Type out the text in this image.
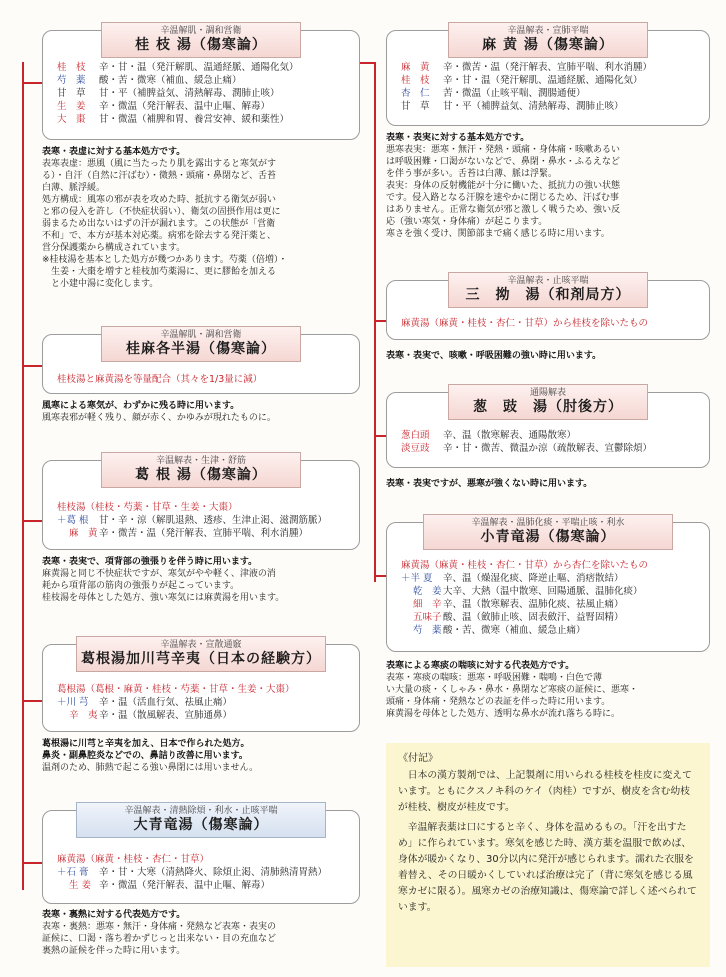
辛温解肌・調和営衛
桂 枝 湯（傷寒論）
桂　枝 辛・甘・温（発汗解肌、温通経脈、通陽化気）
芍　薬 酸・苦・微寒（補血、緩急止痛）
甘　草 甘・平（補脾益気、清熱解毒、潤肺止咳）
生　姜 辛・微温（発汗解表、温中止嘔、解毒）
大　棗 甘・微温（補脾和胃、養営安神、緩和薬性）

表寒・表虚に対する基本処方です。

表寒表虚：悪風（風に当たったり肌を露出すると寒気がす

る）・自汗（自然に汗ばむ）・微熱・頭痛・鼻閉など、舌苔

白薄、脈浮緩。

処方構成：風寒の邪が表を攻めた時、抵抗する衛気が弱い

と邪の侵入を許し（不快症状弱い）、衛気の固摂作用は更に

弱まるため出ないはずの汗が漏れます。この状態が「営衛

不和」で、本方が基本対応薬。病邪を除去する発汗薬と、

営分保護薬から構成されています。

※桂枝湯を基本とした処方が幾つかあります。芍薬（倍増）・

　生姜・大棗を増すと桂枝加芍薬湯に、更に膠飴を加える

　と小建中湯に変化します。

辛温解肌・調和営衛
桂麻各半湯（傷寒論）
桂枝湯と麻黄湯を等量配合（其々を1/3量に減）

風寒による寒気が、わずかに残る時に用います。

風寒表邪が軽く残り、顔が赤く、かゆみが現れたものに。

辛温解表・生津・舒筋
葛 根 湯（傷寒論）
桂枝湯（桂枝・芍薬・甘草・生姜・大棗）
＋葛 根 甘・辛・涼（解肌退熱、透疹、生津止渇、滋潤筋脈）
麻　黄辛・微苦・温（発汗解表、宣肺平喘、利水消腫）

表寒・表実で、項背部の強張りを伴う時に用います。

麻黄湯と同じ不快症状ですが、寒気がやや軽く、津液の消

耗から項背部の筋肉の強張りが起こっています。

桂枝湯を母体とした処方、強い寒気には麻黄湯を用います。

辛温解表・宣散通竅
葛根湯加川芎辛夷（日本の経験方）
葛根湯（葛根・麻黄・桂枝・芍薬・甘草・生姜・大棗）
＋川 芎 辛・温（活血行気、祛風止痛）
辛　夷辛・温（散風解表、宣肺通鼻）

葛根湯に川芎と辛夷を加え、日本で作られた処方。

鼻炎・副鼻腔炎などでの、鼻詰り改善に用います。

温剤のため、肺熱で起こる強い鼻閉には用いません。

辛温解表・清熱除煩・利水・止咳平喘
大青竜湯（傷寒論）
麻黄湯（麻黄・桂枝・杏仁・甘草）
＋石 膏 辛・甘・大寒（清熱降火、除煩止渇、清肺熱清胃熱）
生 姜 辛・微温（発汗解表、温中止嘔、解毒）

表寒・裏熱に対する代表処方です。

表寒・裏熱：悪寒・無汗・身体痛・発熱など表寒・表実の

証候に、口渇・落ち着かずじっと出来ない・目の充血など

裏熱の証候を伴った時に用います。

辛温解表・宣肺平喘
麻 黄 湯（傷寒論）
麻　黄 辛・微苦・温（発汗解表、宣肺平喘、利水消腫）
桂　枝 辛・甘・温（発汗解肌、温通経脈、通陽化気）
杏　仁 苦・微温（止咳平喘、潤腸通便）
甘　草 甘・平（補脾益気、清熱解毒、潤肺止咳）

表寒・表実に対する基本処方です。

悪寒表実：悪寒・無汗・発熱・頭痛・身体痛・咳嗽あるい

は呼吸困難・口渇がないなどで、鼻閉・鼻水・ふるえなど

を伴う事が多い。舌苔は白薄、脈は浮緊。

表実：身体の反射機能が十分に働いた、抵抗力の強い状態

です。侵入路となる汗腺を速やかに閉じるため、汗ばむ事

はありません。正常な衛気が邪と激しく戦うため、強い反

応（強い寒気・身体痛）が起こります。

寒さを強く受け、関節部まで痛く感じる時に用います。

辛温解表・止咳平喘
三　拗　湯（和剤局方）
麻黄湯（麻黄・桂枝・杏仁・甘草）から桂枝を除いたもの

表寒・表実で、咳嗽・呼吸困難の強い時に用います。

通陽解表
葱　豉　湯（肘後方）
葱白頭 辛、温（散寒解表、通陽散寒）
淡豆豉 辛・甘・微苦、微温か涼（疏散解表、宣鬱除煩）

表寒・表実ですが、悪寒が強くない時に用います。

辛温解表・温肺化痰・平喘止咳・利水
小青竜湯（傷寒論）
麻黄湯（麻黄・桂枝・杏仁・甘草）から杏仁を除いたもの
＋半 夏 辛、温（燥湿化痰、降逆止嘔、消痞散結）
乾　姜大辛、大熱（温中散寒、回陽通脈、温肺化痰）
細　辛辛、温（散寒解表、温肺化痰、祛風止痛）
五味子酸、温（斂肺止咳、固表斂汗、益腎固精）
芍　薬酸・苦、微寒（補血、緩急止痛）

表寒による寒痰の喘咳に対する代表処方です。

表寒・寒痰の喘咳：悪寒・呼吸困難・喘鳴・白色で薄

い大量の痰・くしゃみ・鼻水・鼻閉など寒痰の証候に、悪寒・

頭痛・身体痛・発熱などの表証を伴った時に用います。

麻黄湯を母体とした処方、透明な鼻水が流れ落ちる時に。

《付記》

日本の漢方製剤では、上記製剤に用いられる桂枝を桂皮に変えています。ともにクスノキ科のケイ（肉桂）ですが、樹皮を含む幼枝が桂枝、樹皮が桂皮です。

辛温解表薬は口にすると辛く、身体を温めるもの。「汗を出すため」に作られています。寒気を感じた時、漢方薬を温服で飲めば、身体が暖かくなり、30分以内に発汗が感じられます。濡れた衣服を着替え、その日暖かくしていれば治療は完了（背に寒気を感じる風寒カゼに限る）。風寒カゼの治療知識は、傷寒論で詳しく述べられています。
